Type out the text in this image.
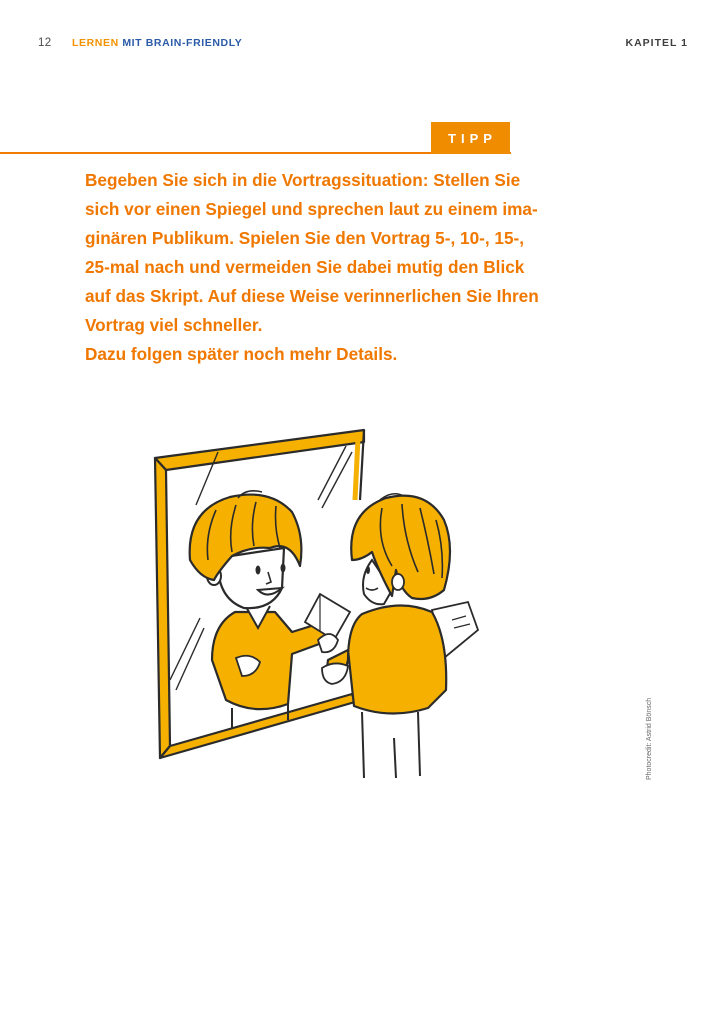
12 LERNEN MIT BRAIN-FRIENDLY	KAPITEL 1
TIPP
Begeben Sie sich in die Vortragssituation: Stellen Sie
sich vor einen Spiegel und sprechen laut zu einem ima-
ginären Publikum. Spielen Sie den Vortrag 5-, 10-, 15-,
25-mal nach und vermeiden Sie dabei mutig den Blick
auf das Skript. Auf diese Weise verinnerlichen Sie Ihren
Vortrag viel schneller.
Dazu folgen später noch mehr Details.
Photocredit: Astrid Bönsch
